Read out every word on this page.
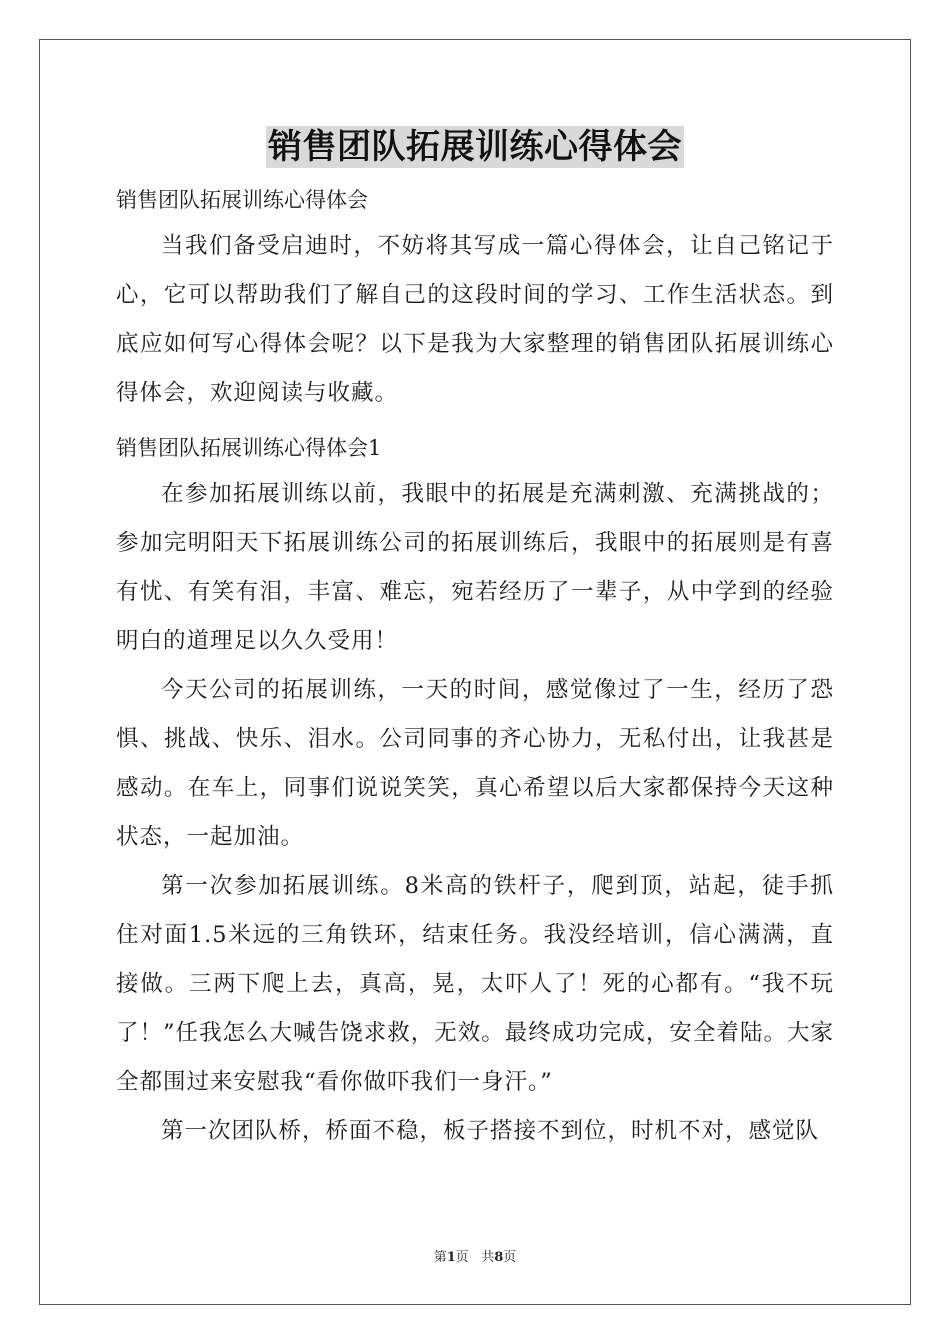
销售团队拓展训练心得体会
销售团队拓展训练心得体会

当我们备受启迪时，不妨将其写成一篇心得体会，让自己铭记于心，它可以帮助我们了解自己的这段时间的学习、工作生活状态。到底应如何写心得体会呢？以下是我为大家整理的销售团队拓展训练心得体会，欢迎阅读与收藏。

销售团队拓展训练心得体会1

在参加拓展训练以前，我眼中的拓展是充满刺激、充满挑战的；参加完明阳天下拓展训练公司的拓展训练后，我眼中的拓展则是有喜有忧、有笑有泪，丰富、难忘，宛若经历了一辈子，从中学到的经验明白的道理足以久久受用！

今天公司的拓展训练，一天的时间，感觉像过了一生，经历了恐惧、挑战、快乐、泪水。公司同事的齐心协力，无私付出，让我甚是感动。在车上，同事们说说笑笑，真心希望以后大家都保持今天这种状态，一起加油。

第一次参加拓展训练。8米高的铁杆子，爬到顶，站起，徒手抓住对面1.5米远的三角铁环，结束任务。我没经培训，信心满满，直接做。三两下爬上去，真高，晃，太吓人了！死的心都有。“我不玩了！”任我怎么大喊告饶求救，无效。最终成功完成，安全着陆。大家全都围过来安慰我“看你做吓我们一身汗。”

第一次团队桥，桥面不稳，板子搭接不到位，时机不对，感觉队

第1页 共8页
